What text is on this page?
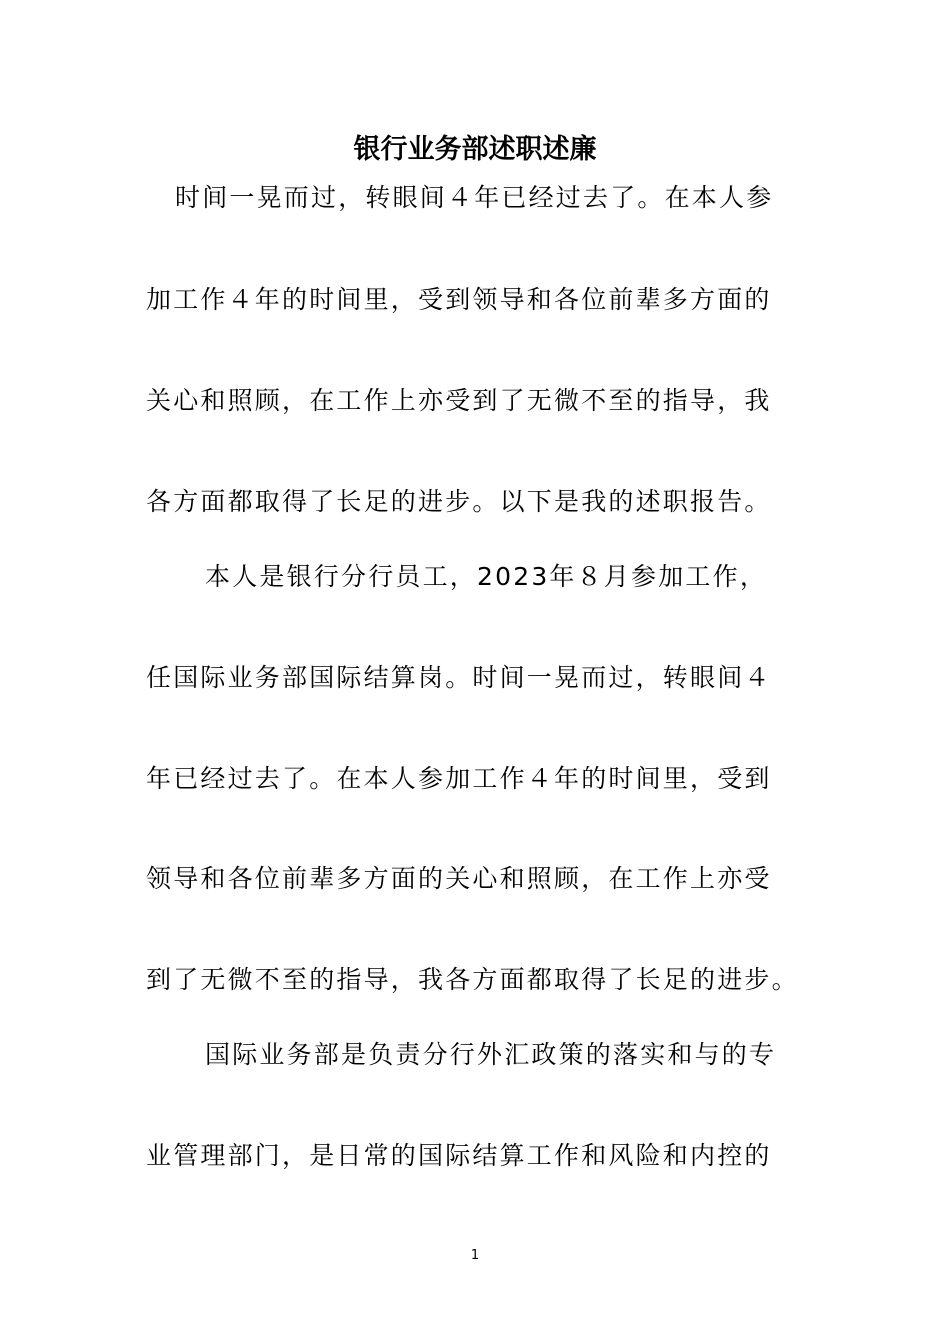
银行业务部述职述廉
时间一晃而过，转眼间４年已经过去了。在本人参
加工作４年的时间里，受到领导和各位前辈多方面的
关心和照顾，在工作上亦受到了无微不至的指导，我
各方面都取得了长足的进步。以下是我的述职报告。
本人是银行分行员工，2023年８月参加工作，
任国际业务部国际结算岗。时间一晃而过，转眼间４
年已经过去了。在本人参加工作４年的时间里，受到
领导和各位前辈多方面的关心和照顾，在工作上亦受
到了无微不至的指导，我各方面都取得了长足的进步。
国际业务部是负责分行外汇政策的落实和与的专
业管理部门，是日常的国际结算工作和风险和内控的
1
